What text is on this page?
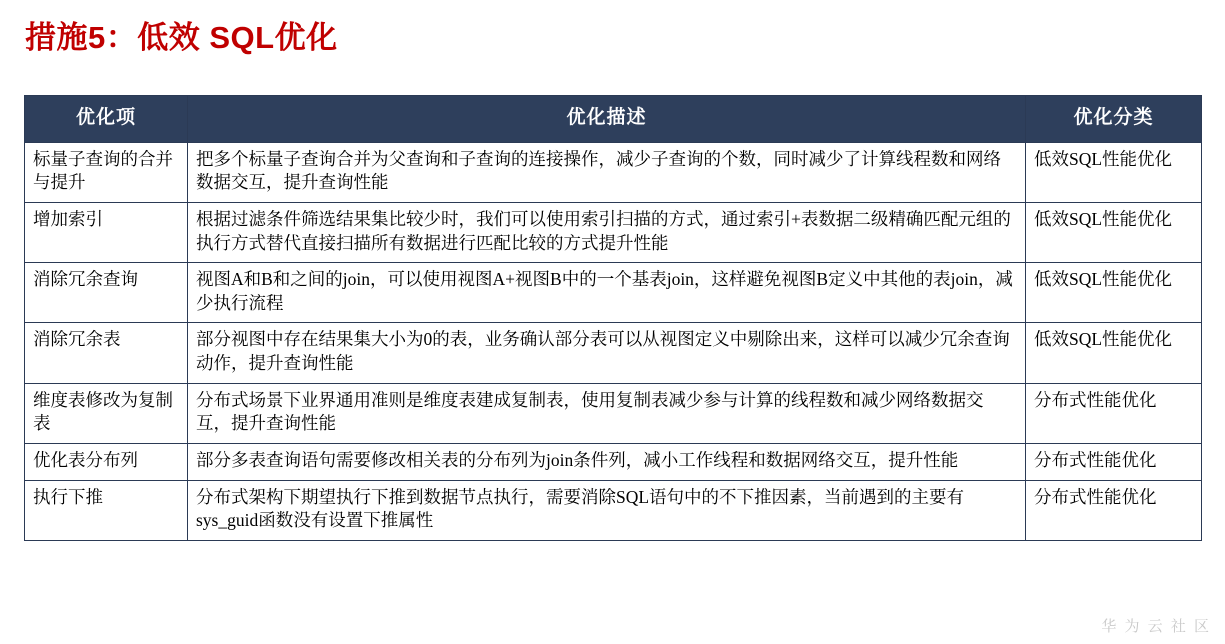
措施5：低效 SQL优化
优化项	优化描述	优化分类
标量子查询的合并与提升	把多个标量子查询合并为父查询和子查询的连接操作，减少子查询的个数，同时减少了计算线程数和网络数据交互，提升查询性能	低效SQL性能优化
增加索引	根据过滤条件筛选结果集比较少时，我们可以使用索引扫描的方式，通过索引+表数据二级精确匹配元组的执行方式替代直接扫描所有数据进行匹配比较的方式提升性能	低效SQL性能优化
消除冗余查询	视图A和B和之间的join，可以使用视图A+视图B中的一个基表join，这样避免视图B定义中其他的表join，减少执行流程	低效SQL性能优化
消除冗余表	部分视图中存在结果集大小为0的表，业务确认部分表可以从视图定义中剔除出来，这样可以减少冗余查询动作，提升查询性能	低效SQL性能优化
维度表修改为复制表	分布式场景下业界通用准则是维度表建成复制表，使用复制表减少参与计算的线程数和减少网络数据交互，提升查询性能	分布式性能优化
优化表分布列	部分多表查询语句需要修改相关表的分布列为join条件列，减小工作线程和数据网络交互，提升性能	分布式性能优化
执行下推	分布式架构下期望执行下推到数据节点执行，需要消除SQL语句中的不下推因素，当前遇到的主要有sys_guid函数没有设置下推属性	分布式性能优化
华 为 云 社 区
